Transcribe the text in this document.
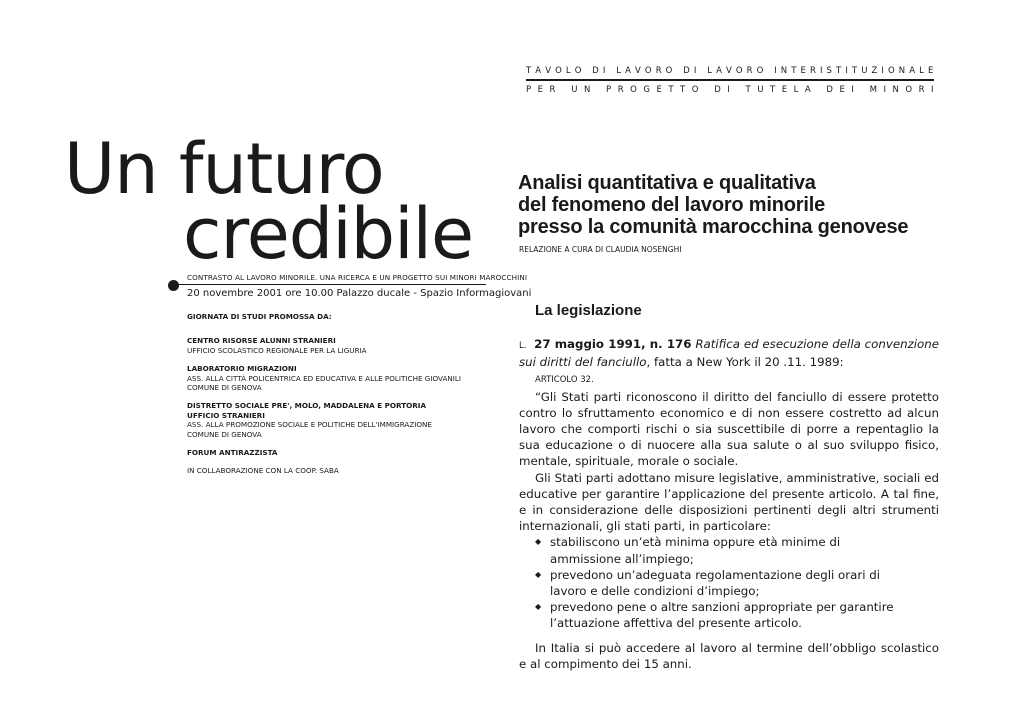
T A V O L O
D I
L A V O R O
D I
L A V O R O
I N T E R I S T I T U Z I O N A L E
P E R
U N
P R O G E T T O
D I
T U T E L A
D E I
M I N O R I
Un futuro
credibile
CONTRASTO AL LAVORO MINORILE. UNA RICERCA E UN PROGETTO SUI MINORI MAROCCHINI
20 novembre 2001 ore 10.00 Palazzo ducale - Spazio Informagiovani
GIORNATA DI STUDI PROMOSSA DA:
CENTRO RISORSE ALUNNI STRANIERI
UFFICIO SCOLASTICO REGIONALE PER LA LIGURIA
LABORATORIO MIGRAZIONI
ASS. ALLA CITTÀ POLICENTRICA ED EDUCATIVA E ALLE POLITICHE GIOVANILI
COMUNE DI GENOVA
DISTRETTO SOCIALE PRE', MOLO, MADDALENA E PORTORIA
UFFICIO STRANIERI
ASS. ALLA PROMOZIONE SOCIALE E POLITICHE DELL'IMMIGRAZIONE
COMUNE DI GENOVA
FORUM ANTIRAZZISTA
IN COLLABORAZIONE CON LA COOP. SABA
Analisi quantitativa e qualitativa
del fenomeno del lavoro minorile
presso la comunità marocchina genovese
RELAZIONE A CURA DI CLAUDIA NOSENGHI
La legislazione

L. 27 maggio 1991, n. 176 Ratifica ed esecuzione della convenzione sui diritti del fanciullo, fatta a New York il 20 .11. 1989:

ARTICOLO 32.

“Gli Stati parti riconoscono il diritto del fanciullo di essere protetto contro lo sfruttamento economico e di non essere costretto ad alcun lavoro che comporti rischi o sia suscettibile di porre a repentaglio la sua educazione o di nuocere alla sua salute o al suo sviluppo fisico, mentale, spirituale, morale o sociale.

Gli Stati parti adottano misure legislative, amministrative, sociali ed educative per garantire l’applicazione del presente articolo. A tal fine, e in considerazione delle disposizioni pertinenti degli altri strumenti internazionali, gli stati parti, in particolare:

◆ stabiliscono un’età minima oppure età minime di ammissione all’impiego;
◆ prevedono un’adeguata regolamentazione degli orari di lavoro e delle condizioni d’impiego;
◆ prevedono pene o altre sanzioni appropriate per garantire l’attuazione affettiva del presente articolo.

In Italia si può accedere al lavoro al termine dell’obbligo scolastico e al compimento dei 15 anni.
